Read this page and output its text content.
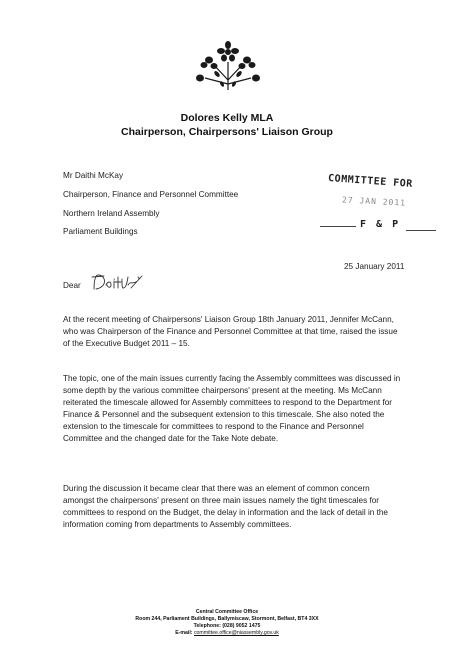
Dolores Kelly MLA
Chairperson, Chairpersons' Liaison Group
Mr Daithi McKay
Chairperson, Finance and Personnel Committee
Northern Ireland Assembly
Parliament Buildings
COMMITTEE FOR
27 JAN 2011
F & P
25 January 2011
Dear

At the recent meeting of Chairpersons' Liaison Group 18th January 2011, Jennifer McCann, who was Chairperson of the Finance and Personnel Committee at that time, raised the issue of the Executive Budget 2011 – 15.

The topic, one of the main issues currently facing the Assembly committees was discussed in some depth by the various committee chairpersons' present at the meeting. Ms McCann reiterated the timescale allowed for Assembly committees to respond to the Department for Finance & Personnel and the subsequent extension to this timescale. She also noted the extension to the timescale for committees to respond to the Finance and Personnel Committee and the changed date for the Take Note debate.

During the discussion it became clear that there was an element of common concern amongst the chairpersons' present on three main issues namely the tight timescales for committees to respond on the Budget, the delay in information and the lack of detail in the information coming from departments to Assembly committees.

Central Committee Office
Room 244, Parliament Buildings, Ballymiscaw, Stormont, Belfast, BT4 3XX
Telephone: (028) 9052 1475
E-mail: committee.office@niassembly.gov.uk
